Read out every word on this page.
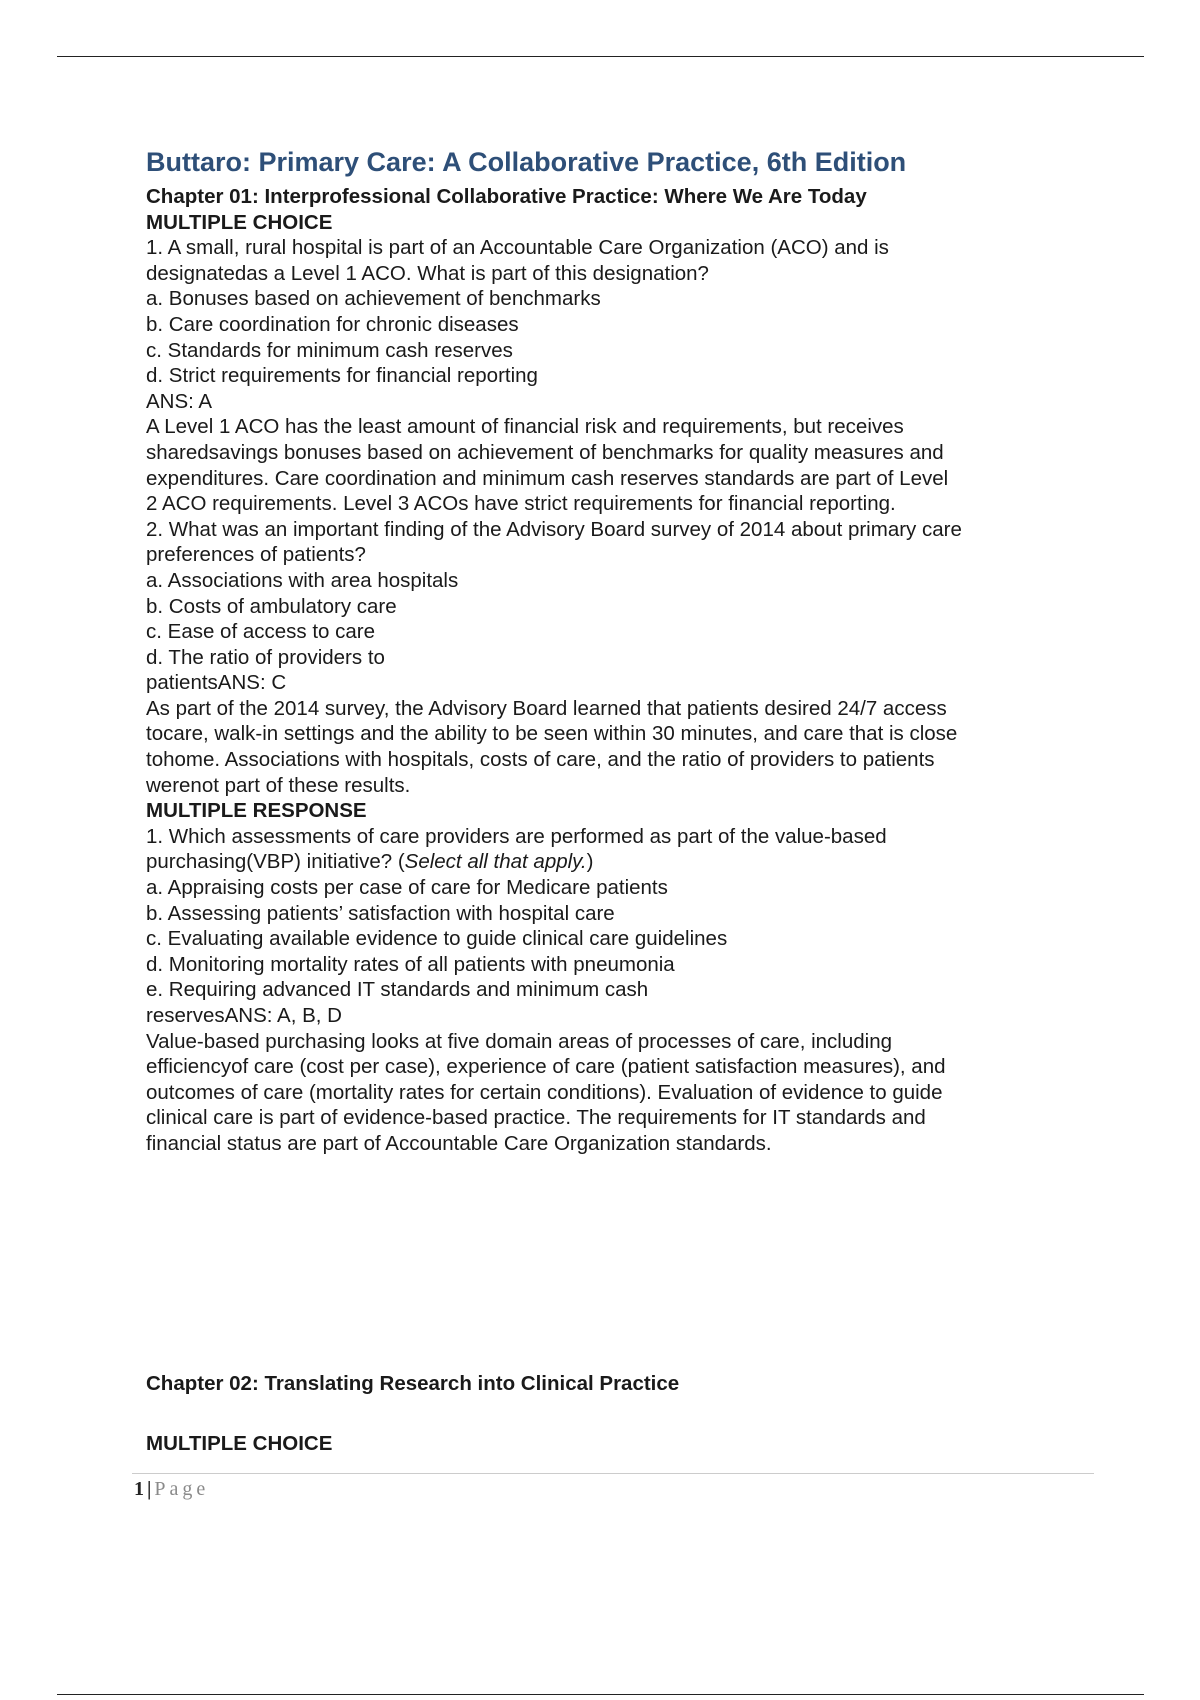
Buttaro: Primary Care: A Collaborative Practice, 6th Edition
Chapter 01: Interprofessional Collaborative Practice: Where We Are Today
MULTIPLE CHOICE
1. A small, rural hospital is part of an Accountable Care Organization (ACO) and is
designatedas a Level 1 ACO. What is part of this designation?
a. Bonuses based on achievement of benchmarks
b. Care coordination for chronic diseases
c. Standards for minimum cash reserves
d. Strict requirements for financial reporting
ANS: A
A Level 1 ACO has the least amount of financial risk and requirements, but receives
sharedsavings bonuses based on achievement of benchmarks for quality measures and
expenditures. Care coordination and minimum cash reserves standards are part of Level
2 ACO requirements. Level 3 ACOs have strict requirements for financial reporting.
2. What was an important finding of the Advisory Board survey of 2014 about primary care
preferences of patients?
a. Associations with area hospitals
b. Costs of ambulatory care
c. Ease of access to care
d. The ratio of providers to
patientsANS: C
As part of the 2014 survey, the Advisory Board learned that patients desired 24/7 access
tocare, walk-in settings and the ability to be seen within 30 minutes, and care that is close
tohome. Associations with hospitals, costs of care, and the ratio of providers to patients
werenot part of these results.
MULTIPLE RESPONSE
1. Which assessments of care providers are performed as part of the value-based
purchasing(VBP) initiative? (Select all that apply.)
a. Appraising costs per case of care for Medicare patients
b. Assessing patients’ satisfaction with hospital care
c. Evaluating available evidence to guide clinical care guidelines
d. Monitoring mortality rates of all patients with pneumonia
e. Requiring advanced IT standards and minimum cash
reservesANS: A, B, D
Value-based purchasing looks at five domain areas of processes of care, including
efficiencyof care (cost per case), experience of care (patient satisfaction measures), and
outcomes of care (mortality rates for certain conditions). Evaluation of evidence to guide
clinical care is part of evidence-based practice. The requirements for IT standards and
financial status are part of Accountable Care Organization standards.
Chapter 02: Translating Research into Clinical Practice
MULTIPLE CHOICE
1 | Page
